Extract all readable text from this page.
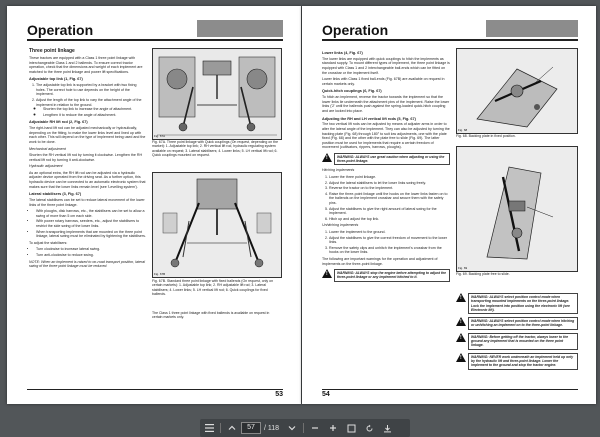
Operation
Three point linkage

These tractors are equipped with a Class 1 three point linkage with interchangeable Class 1 and 2 ballends. To ensure correct tractor operation, check that the dimensions and weight of each implement are matched to the three point linkage and power lift specifications.

Adjustable top link (1, Fig. 67)
1. The adjustable top link is supported by a bracket with two fixing holes. The correct hole to use depends on the height of the implement.
2. Adjust the length of the top link to vary the attachment angle of the implement in relation to the ground.
◦ Shorten the top link to increase the angle of attachment.
◦ Lengthen it to reduce the angle of attachment.
Adjustable RH lift rod (2, Fig. 67)

The right-hand lift rod can be adjusted mechanically or hydraulically, depending on the fitting, to make the lower links level and lined up with each other. This will depend on the type of implement being used and the work to be done.

Mechanical adjustment

Shorten the RH vertical lift rod by turning it clockwise. Lengthen the RH vertical lift rod by turning it anti-clockwise.

Hydraulic adjustment

As an optional extra, the RH lift rod can be adjusted via a hydraulic adjuster device operated from the driving seat. As a further option, this hydraulic device can be connected to an automatic electronic system that makes sure that the lower links remain level (see 'Levelling system').

Lateral stabilisers (3, Fig. 67)

The lateral stabilisers can be set to reduce lateral movement of the lower links of the three point linkage.

• With ploughs, disk harrows, etc., the stabilisers can be set to allow a swing of more than 5 cm each side.
• With power rotary harrows, seeders, etc., adjust the stabilisers to restrict the side swing of the lower links.
• When transporting implements that are mounted on the three point linkage, lateral swing must be eliminated by tightening the stabilisers.

To adjust the stabilisers:

• Turn clockwise to increase lateral swing.
• Turn anti-clockwise to reduce swing.

NOTE: When an implement is raised to on-road transport position, lateral swing of the three point linkage must be reduced.

Fig. 67A
Fig. 67A. Three point linkage with Quick couplings (On request, depending on the market): 1. Adjustable top link; 2. RH vertical lift rod, hydraulic regulating system available on request; 3. Lateral stabilisers; 4. Lower links; 5. LH vertical lift rod; 6. Quick couplings mounted on request.
Fig. 67B
Fig. 67B. Standard three point linkage with fixed ballends (On request, only on certain markets): 1. Adjustable top link; 2. RH adjustable lift rod; 3. Lateral stabilisers; 4. Lower links; 5. LH vertical lift rod; 6. Quick couplings for fixed ballends.
The Class 1 three point linkage with fixed ballends is available on request in certain markets only.
53
Operation
Lower links (4, Fig. 67)

The lower links are equipped with quick couplings to hitch the implements as standard supply. To mount different types of implement, the three point linkage is equipped with Class 1 and 2 interchangeable ball-ends which can be fitted on the crossbar or the implement itself.

Lower links with Class 1 fixed ball-ends (Fig. 67B) are available on request in certain markets only.

Quick-hitch couplings (6, Fig. 67)

To hitch an implement, reverse the tractor towards the implement so that the lower links lie underneath the attachment pins of the implement. Raise the lower links ('2' until the ballends push against the spring-loaded quick-hitch coupling and are locked into place.

Adjusting the RH and LH vertical lift rods (5, Fig. 67)

The two vertical lift rods can be adjusted by means of adjuster arms in order to alter the lateral angle of the implement. They can also be adjusted by turning the backing plate (Fig. 68) through 180° to suit low adjustments, one with the plate fixed (Fig. 68) and the other with the plate free to slide (Fig. 69). The latter position must be used for implements that require a certain freedom of movement (cultivators, rippers, harrows, ploughs).

!	WARNING: ALWAYS use great caution when adjusting or using the three-point linkage.

Hitching implements

1. Lower the three point linkage.
2. Adjust the lateral stabilisers to let the lower links swing freely.
3. Reverse the tractor on to the implement.
4. Raise the three-point linkage until the hooks on the lower links fasten on to the ballends on the implement crossbar and secure them with the safety pins.
5. Adjust the stabilisers to give the right amount of lateral swing for the implement.
6. Hitch up and adjust the top link.

Unhitching implements

1. Lower the implement to the ground.
2. Adjust the stabilisers to give the correct freedom of movement to the lower links.
3. Remove the safety clips and unhitch the implement's crossbar from the hooks on the lower links.

The following are important warnings for the operation and adjustment of implements on the three-point linkage.

!	WARNING: ALWAYS stop the engine before attempting to adjust the three-point linkage or any implement hitched to it.
Fig. 68
Fig. 68. Backing plate in fixed position.
Fig. 69
Fig. 69. Backing plate free to slide.
!	WARNING: ALWAYS select position control mode when transporting mounted implements on the three-point linkage. Lock the implement into position using the electronic lift (see Electronic lift).
!	WARNING: ALWAYS select position control mode when hitching or unhitching an implement on to the three-point linkage.
!	WARNING: Before getting off the tractor, always lower to the ground any implement that is mounted on the three point linkage.
!	WARNING: NEVER work underneath an implement held up only by the hydraulic lift and three-point linkage. Lower the implement to the ground and stop the tractor engine.
54
57
/ 118
